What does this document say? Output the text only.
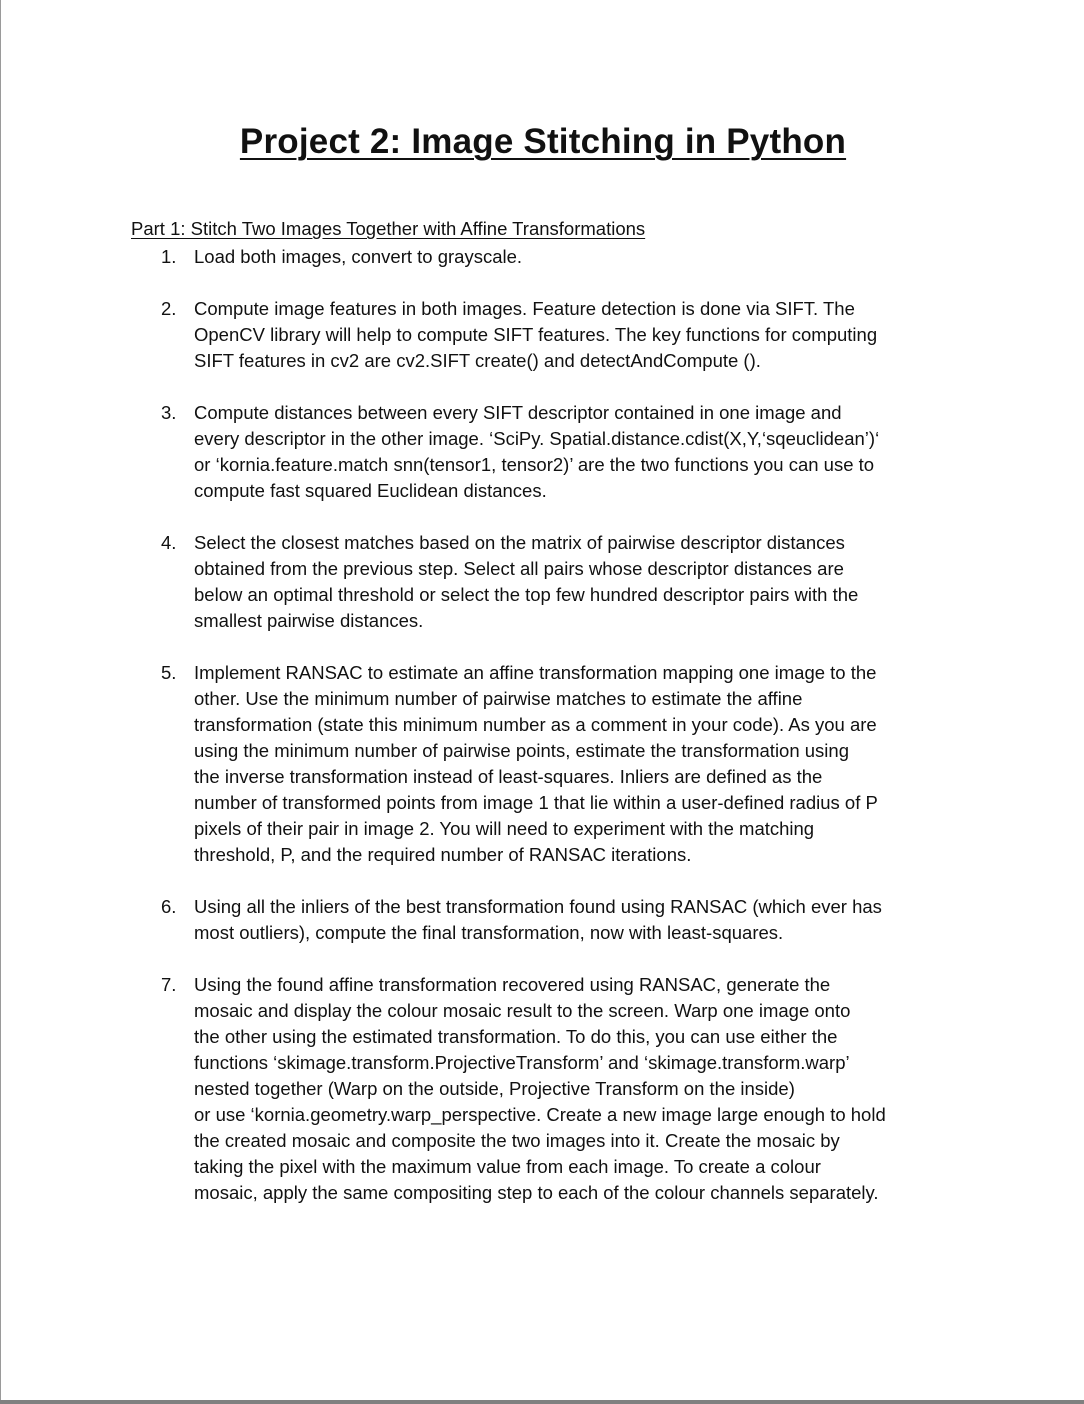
Project 2: Image Stitching in Python
Part 1: Stitch Two Images Together with Affine Transformations
1. Load both images, convert to grayscale.
2. Compute image features in both images. Feature detection is done via SIFT. The
OpenCV library will help to compute SIFT features. The key functions for computing
SIFT features in cv2 are cv2.SIFT create() and detectAndCompute ().
3. Compute distances between every SIFT descriptor contained in one image and
every descriptor in the other image. ‘SciPy. Spatial.distance.cdist(X,Y,‘sqeuclidean’)‘
or ‘kornia.feature.match snn(tensor1, tensor2)’ are the two functions you can use to
compute fast squared Euclidean distances.
4. Select the closest matches based on the matrix of pairwise descriptor distances
obtained from the previous step. Select all pairs whose descriptor distances are
below an optimal threshold or select the top few hundred descriptor pairs with the
smallest pairwise distances.
5. Implement RANSAC to estimate an affine transformation mapping one image to the
other. Use the minimum number of pairwise matches to estimate the affine
transformation (state this minimum number as a comment in your code). As you are
using the minimum number of pairwise points, estimate the transformation using
the inverse transformation instead of least-squares. Inliers are defined as the
number of transformed points from image 1 that lie within a user-defined radius of P
pixels of their pair in image 2. You will need to experiment with the matching
threshold, P, and the required number of RANSAC iterations.
6. Using all the inliers of the best transformation found using RANSAC (which ever has
most outliers), compute the final transformation, now with least-squares.
7. Using the found affine transformation recovered using RANSAC, generate the
mosaic and display the colour mosaic result to the screen. Warp one image onto
the other using the estimated transformation. To do this, you can use either the
functions ‘skimage.transform.ProjectiveTransform’ and ‘skimage.transform.warp’
nested together (Warp on the outside, Projective Transform on the inside)
or use ‘kornia.geometry.warp_perspective. Create a new image large enough to hold
the created mosaic and composite the two images into it. Create the mosaic by
taking the pixel with the maximum value from each image. To create a colour
mosaic, apply the same compositing step to each of the colour channels separately.
